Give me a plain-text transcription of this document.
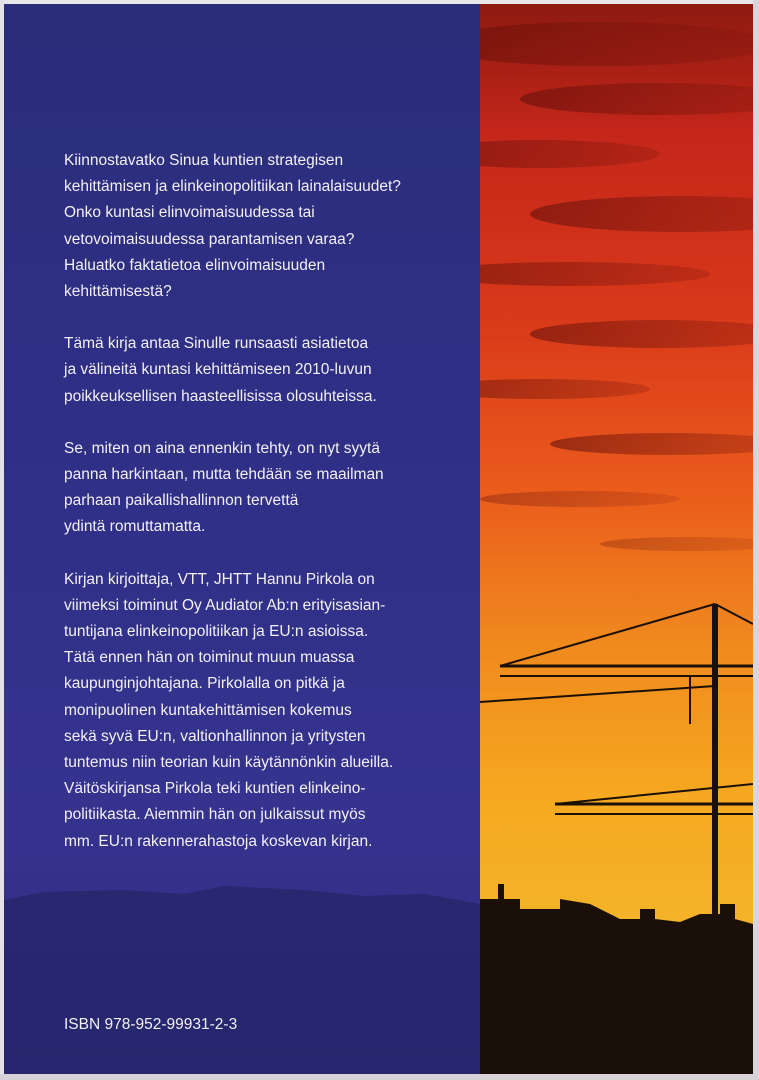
Kiinnostavatko Sinua kuntien strategisen
kehittämisen ja elinkeinopolitiikan lainalaisuudet?
Onko kuntasi elinvoimaisuudessa tai
vetovoimaisuudessa parantamisen varaa?
Haluatko faktatietoa elinvoimaisuuden
kehittämisestä?

Tämä kirja antaa Sinulle runsaasti asiatietoa
ja välineitä kuntasi kehittämiseen 2010-luvun
poikkeuksellisen haasteellisissa olosuhteissa.

Se, miten on aina ennenkin tehty, on nyt syytä
panna harkintaan, mutta tehdään se maailman
parhaan paikallishallinnon tervettä
ydintä romuttamatta.

Kirjan kirjoittaja, VTT, JHTT Hannu Pirkola on
viimeksi toiminut Oy Audiator Ab:n erityisasian-
tuntijana elinkeinopolitiikan ja EU:n asioissa.
Tätä ennen hän on toiminut muun muassa
kaupunginjohtajana. Pirkolalla on pitkä ja
monipuolinen kuntakehittämisen kokemus
sekä syvä EU:n, valtionhallinnon ja yritysten
tuntemus niin teorian kuin käytännönkin alueilla.
Väitöskirjansa Pirkola teki kuntien elinkeino-
politiikasta. Aiemmin hän on julkaissut myös
mm. EU:n rakennerahastoja koskevan kirjan.

ISBN 978-952-99931-2-3
